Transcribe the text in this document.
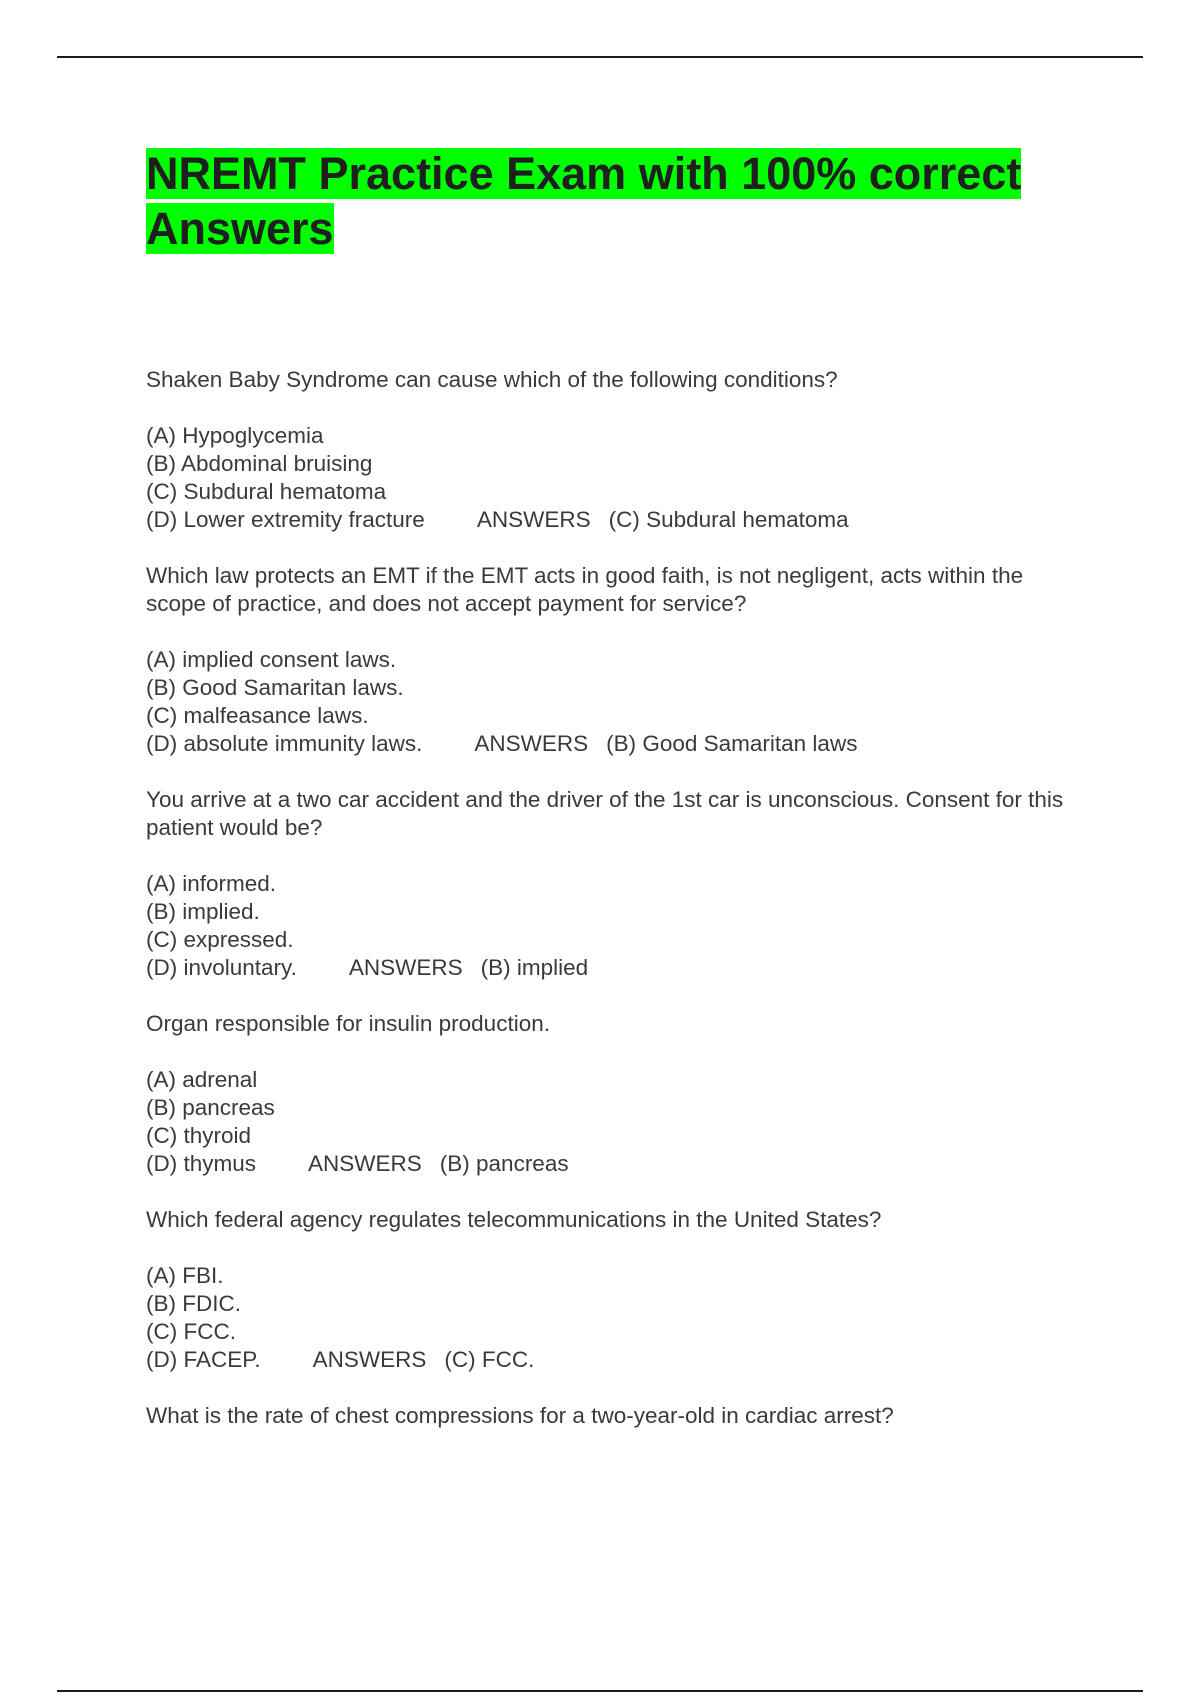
NREMT Practice Exam with 100% correct Answers

Shaken Baby Syndrome can cause which of the following conditions?

(A) Hypoglycemia
(B) Abdominal bruising
(C) Subdural hematoma
(D) Lower extremity fracture ANSWERS (C) Subdural hematoma

Which law protects an EMT if the EMT acts in good faith, is not negligent, acts within the scope of practice, and does not accept payment for service?

(A) implied consent laws.
(B) Good Samaritan laws.
(C) malfeasance laws.
(D) absolute immunity laws. ANSWERS (B) Good Samaritan laws

You arrive at a two car accident and the driver of the 1st car is unconscious. Consent for this patient would be?

(A) informed.
(B) implied.
(C) expressed.
(D) involuntary. ANSWERS (B) implied

Organ responsible for insulin production.

(A) adrenal
(B) pancreas
(C) thyroid
(D) thymus ANSWERS (B) pancreas

Which federal agency regulates telecommunications in the United States?

(A) FBI.
(B) FDIC.
(C) FCC.
(D) FACEP. ANSWERS (C) FCC.

What is the rate of chest compressions for a two-year-old in cardiac arrest?
